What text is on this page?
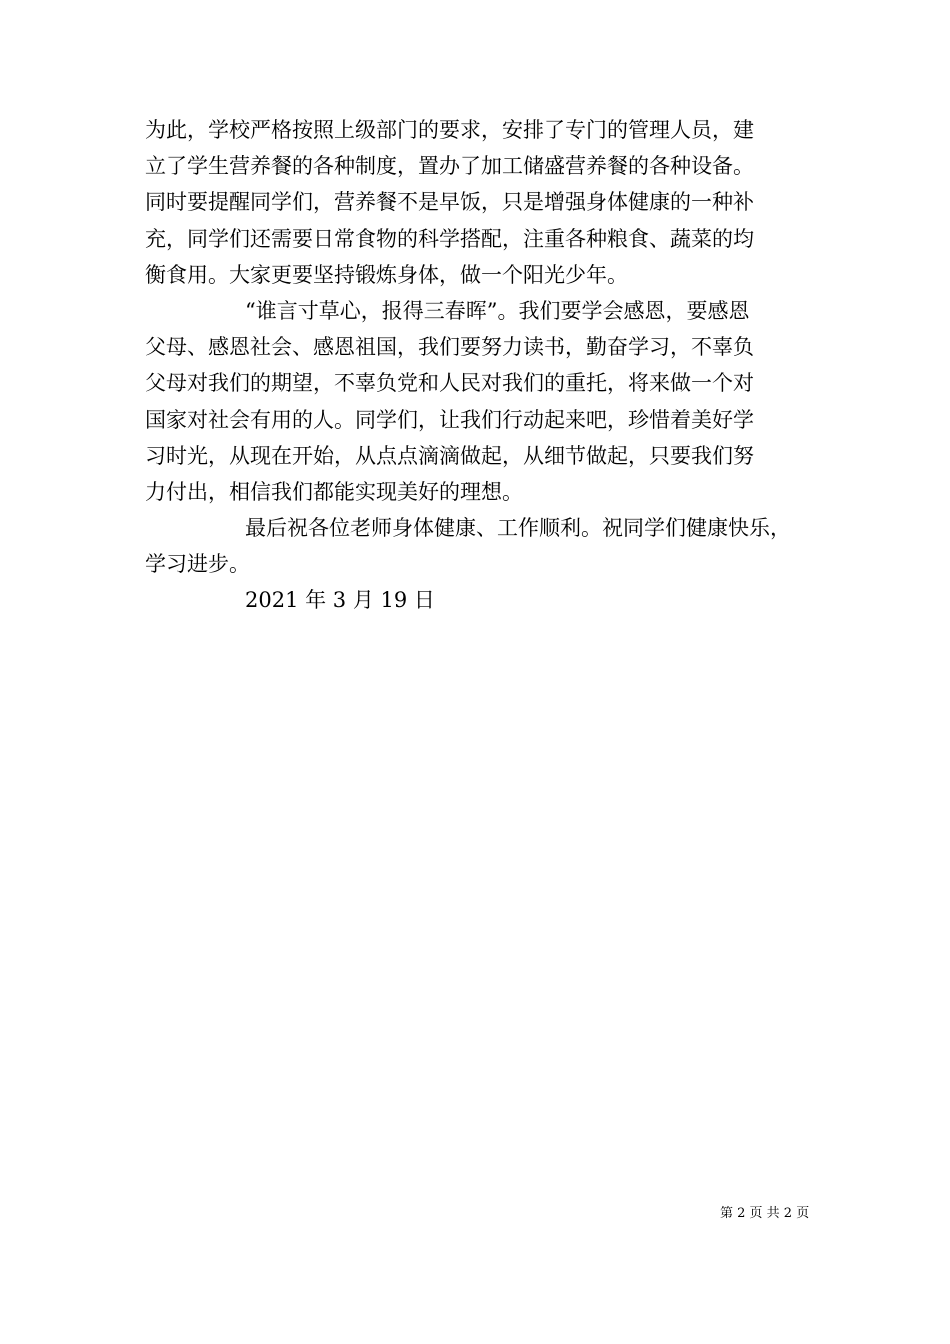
为此，学校严格按照上级部门的要求，安排了专门的管理人员，建
立了学生营养餐的各种制度，置办了加工储盛营养餐的各种设备。
同时要提醒同学们，营养餐不是早饭，只是增强身体健康的一种补
充，同学们还需要日常食物的科学搭配，注重各种粮食、蔬菜的均
衡食用。大家更要坚持锻炼身体，做一个阳光少年。
“谁言寸草心，报得三春晖”。我们要学会感恩，要感恩
父母、感恩社会、感恩祖国，我们要努力读书，勤奋学习，不辜负
父母对我们的期望，不辜负党和人民对我们的重托，将来做一个对
国家对社会有用的人。同学们，让我们行动起来吧，珍惜着美好学
习时光，从现在开始，从点点滴滴做起，从细节做起，只要我们努
力付出，相信我们都能实现美好的理想。
最后祝各位老师身体健康、工作顺利。祝同学们健康快乐，
学习进步。
2021 年 3 月 19 日
第 2 页 共 2 页
